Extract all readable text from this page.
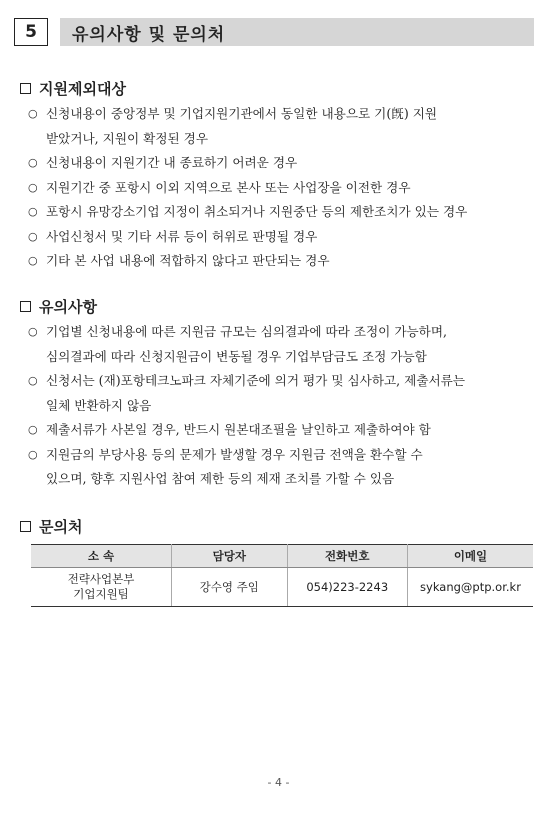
5	유의사항 및 문의처
지원제외대상
○ 신청내용이 중앙정부 및 기업지원기관에서 동일한 내용으로 기(旣) 지원
받았거나, 지원이 확정된 경우
○ 신청내용이 지원기간 내 종료하기 어려운 경우
○ 지원기간 중 포항시 이외 지역으로 본사 또는 사업장을 이전한 경우
○ 포항시 유망강소기업 지정이 취소되거나 지원중단 등의 제한조치가 있는 경우
○ 사업신청서 및 기타 서류 등이 허위로 판명될 경우
○ 기타 본 사업 내용에 적합하지 않다고 판단되는 경우
유의사항
○ 기업별 신청내용에 따른 지원금 규모는 심의결과에 따라 조정이 가능하며,
심의결과에 따라 신청지원금이 변동될 경우 기업부담금도 조정 가능함
○ 신청서는 (재)포항테크노파크 자체기준에 의거 평가 및 심사하고, 제출서류는
일체 반환하지 않음
○ 제출서류가 사본일 경우, 반드시 원본대조필을 날인하고 제출하여야 함
○ 지원금의 부당사용 등의 문제가 발생할 경우 지원금 전액을 환수할 수
있으며, 향후 지원사업 참여 제한 등의 제재 조치를 가할 수 있음
문의처
소 속	담당자	전화번호	이메일

전략사업본부
기업지원팀	강수영 주임	054)223-2243	sykang@ptp.or.kr
- 4 -
